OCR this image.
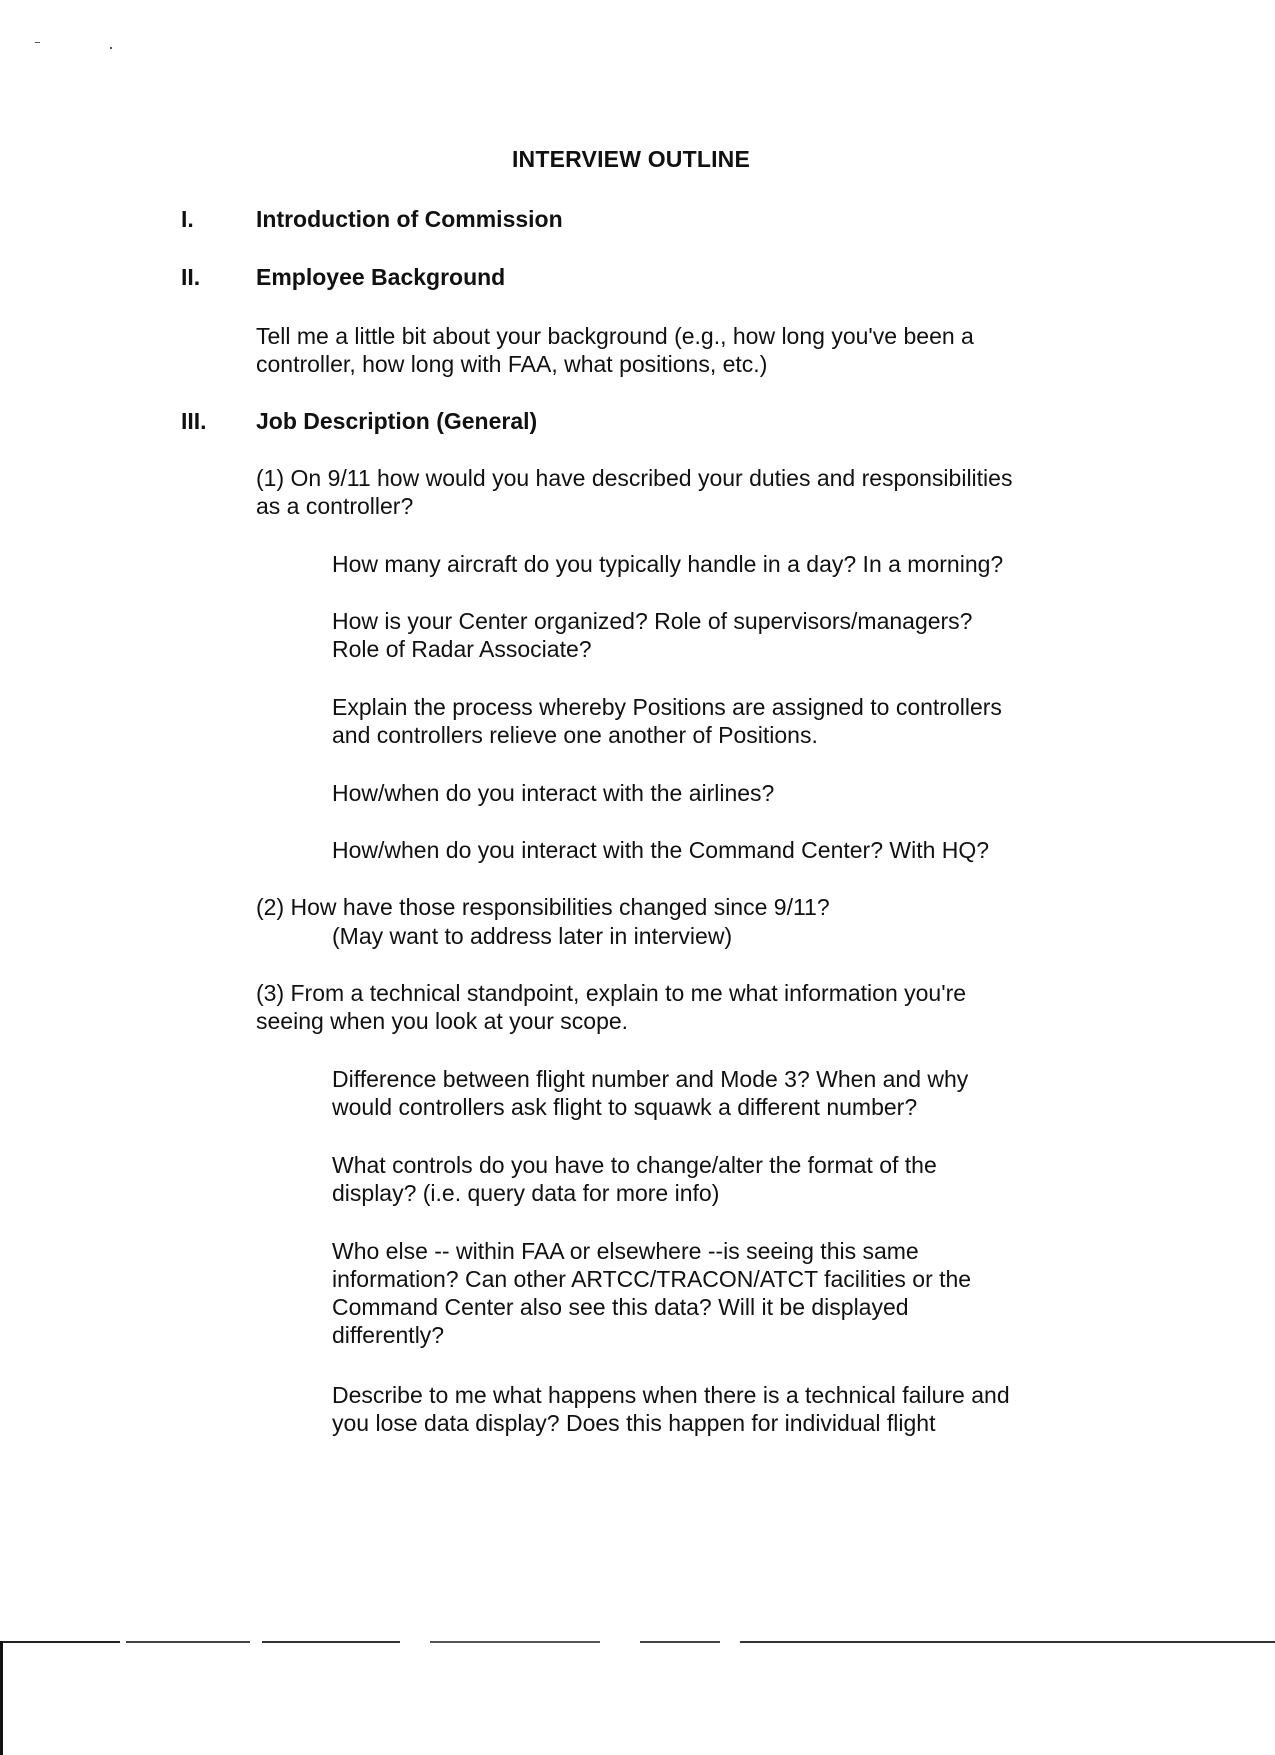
INTERVIEW OUTLINE
I.	Introduction of Commission
II. Employee Background
Tell me a little bit about your background (e.g., how long you've been a
controller, how long with FAA, what positions, etc.)
III. Job Description (General)
(1) On 9/11 how would you have described your duties and responsibilities
as a controller?
How many aircraft do you typically handle in a day? In a morning?
How is your Center organized? Role of supervisors/managers?
Role of Radar Associate?
Explain the process whereby Positions are assigned to controllers
and controllers relieve one another of Positions.
How/when do you interact with the airlines?
How/when do you interact with the Command Center? With HQ?
(2) How have those responsibilities changed since 9/11?
(May want to address later in interview)
(3) From a technical standpoint, explain to me what information you're
seeing when you look at your scope.
Difference between flight number and Mode 3? When and why
would controllers ask flight to squawk a different number?
What controls do you have to change/alter the format of the
display? (i.e. query data for more info)
Who else -- within FAA or elsewhere --is seeing this same
information? Can other ARTCC/TRACON/ATCT facilities or the
Command Center also see this data? Will it be displayed
differently?
Describe to me what happens when there is a technical failure and
you lose data display? Does this happen for individual flight
